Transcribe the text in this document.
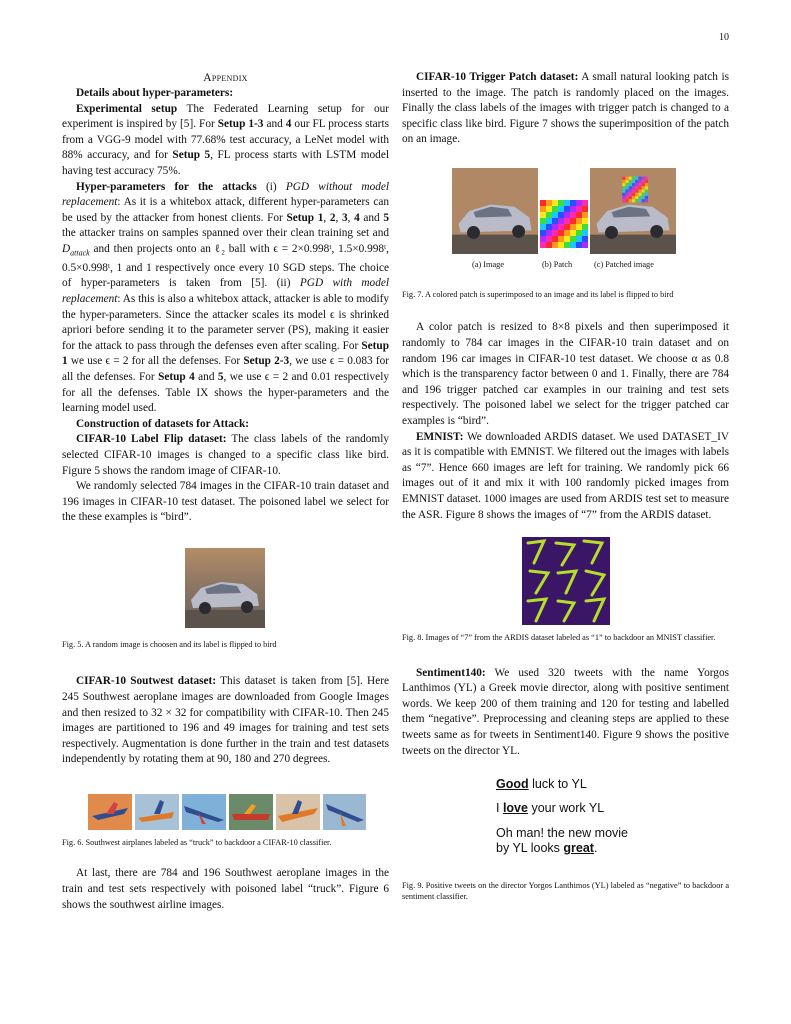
10
Appendix
Details about hyper-parameters:

Experimental setup The Federated Learning setup for our experiment is inspired by [5]. For Setup 1-3 and 4 our FL process starts from a VGG-9 model with 77.68% test accuracy, a LeNet model with 88% accuracy, and for Setup 5, FL process starts with LSTM model having test accuracy 75%.

Hyper-parameters for the attacks (i) PGD without model replacement: As it is a whitebox attack, different hyper-parameters can be used by the attacker from honest clients. For Setup 1, 2, 3, 4 and 5 the attacker trains on samples spanned over their clean training set and $D_{attack}$ and then projects onto an ℓ₂ ball with ϵ = 2×0.998ᵗ, 1.5×0.998ᵗ, 0.5×0.998ᵗ, 1 and 1 respectively once every 10 SGD steps. The choice of hyper-parameters is taken from [5]. (ii) PGD with model replacement: As this is also a whitebox attack, attacker is able to modify the hyper-parameters. Since the attacker scales its model ϵ is shrinked apriori before sending it to the parameter server (PS), making it easier for the attack to pass through the defenses even after scaling. For Setup 1 we use ϵ = 2 for all the defenses. For Setup 2-3, we use ϵ = 0.083 for all the defenses. For Setup 4 and 5, we use ϵ = 2 and 0.01 respectively for all the defenses. Table IX shows the hyper-parameters and the learning model used.

Construction of datasets for Attack:

CIFAR-10 Label Flip dataset: The class labels of the randomly selected CIFAR-10 images is changed to a specific class like bird. Figure 5 shows the random image of CIFAR-10.

We randomly selected 784 images in the CIFAR-10 train dataset and 196 images in CIFAR-10 test dataset. The poisoned label we select for the these examples is “bird”.

Fig. 5. A random image is choosen and its label is flipped to bird

CIFAR-10 Soutwest dataset: This dataset is taken from [5]. Here 245 Southwest aeroplane images are downloaded from Google Images and then resized to 32 × 32 for compatibility with CIFAR-10. Then 245 images are partitioned to 196 and 49 images for training and test sets respectively. Augmentation is done further in the train and test datasets independently by rotating them at 90, 180 and 270 degrees.

Fig. 6. Southwest airplanes labeled as “truck” to backdoor a CIFAR-10 classifier.

At last, there are 784 and 196 Southwest aeroplane images in the train and test sets respectively with poisoned label “truck”. Figure 6 shows the southwest airline images.

CIFAR-10 Trigger Patch dataset: A small natural looking patch is inserted to the image. The patch is randomly placed on the images. Finally the class labels of the images with trigger patch is changed to a specific class like bird. Figure 7 shows the superimposition of the patch on an image.

(a) Image	(b) Patch	(c) Patched image

Fig. 7. A colored patch is superimposed to an image and its label is flipped to bird

A color patch is resized to 8×8 pixels and then superimposed it randomly to 784 car images in the CIFAR-10 train dataset and on random 196 car images in CIFAR-10 test dataset. We choose α as 0.8 which is the transparency factor between 0 and 1. Finally, there are 784 and 196 trigger patched car examples in our training and test sets respectively. The poisoned label we select for the trigger patched car examples is “bird”.

EMNIST: We downloaded ARDIS dataset. We used DATASET_IV as it is compatible with EMNIST. We filtered out the images with labels as “7”. Hence 660 images are left for training. We randomly pick 66 images out of it and mix it with 100 randomly picked images from EMNIST dataset. 1000 images are used from ARDIS test set to measure the ASR. Figure 8 shows the images of “7” from the ARDIS dataset.

Fig. 8. Images of “7” from the ARDIS dataset labeled as “1” to backdoor an MNIST classifier.

Sentiment140: We used 320 tweets with the name Yorgos Lanthimos (YL) a Greek movie director, along with positive sentiment words. We keep 200 of them training and 120 for testing and labelled them “negative”. Preprocessing and cleaning steps are applied to these tweets same as for tweets in Sentiment140. Figure 9 shows the positive tweets on the director YL.

Good luck to YL
I love your work YL
Oh man! the new movie
by YL looks great.

Fig. 9. Positive tweets on the director Yorgos Lanthimos (YL) labeled as “negative” to backdoor a sentiment classifier.
